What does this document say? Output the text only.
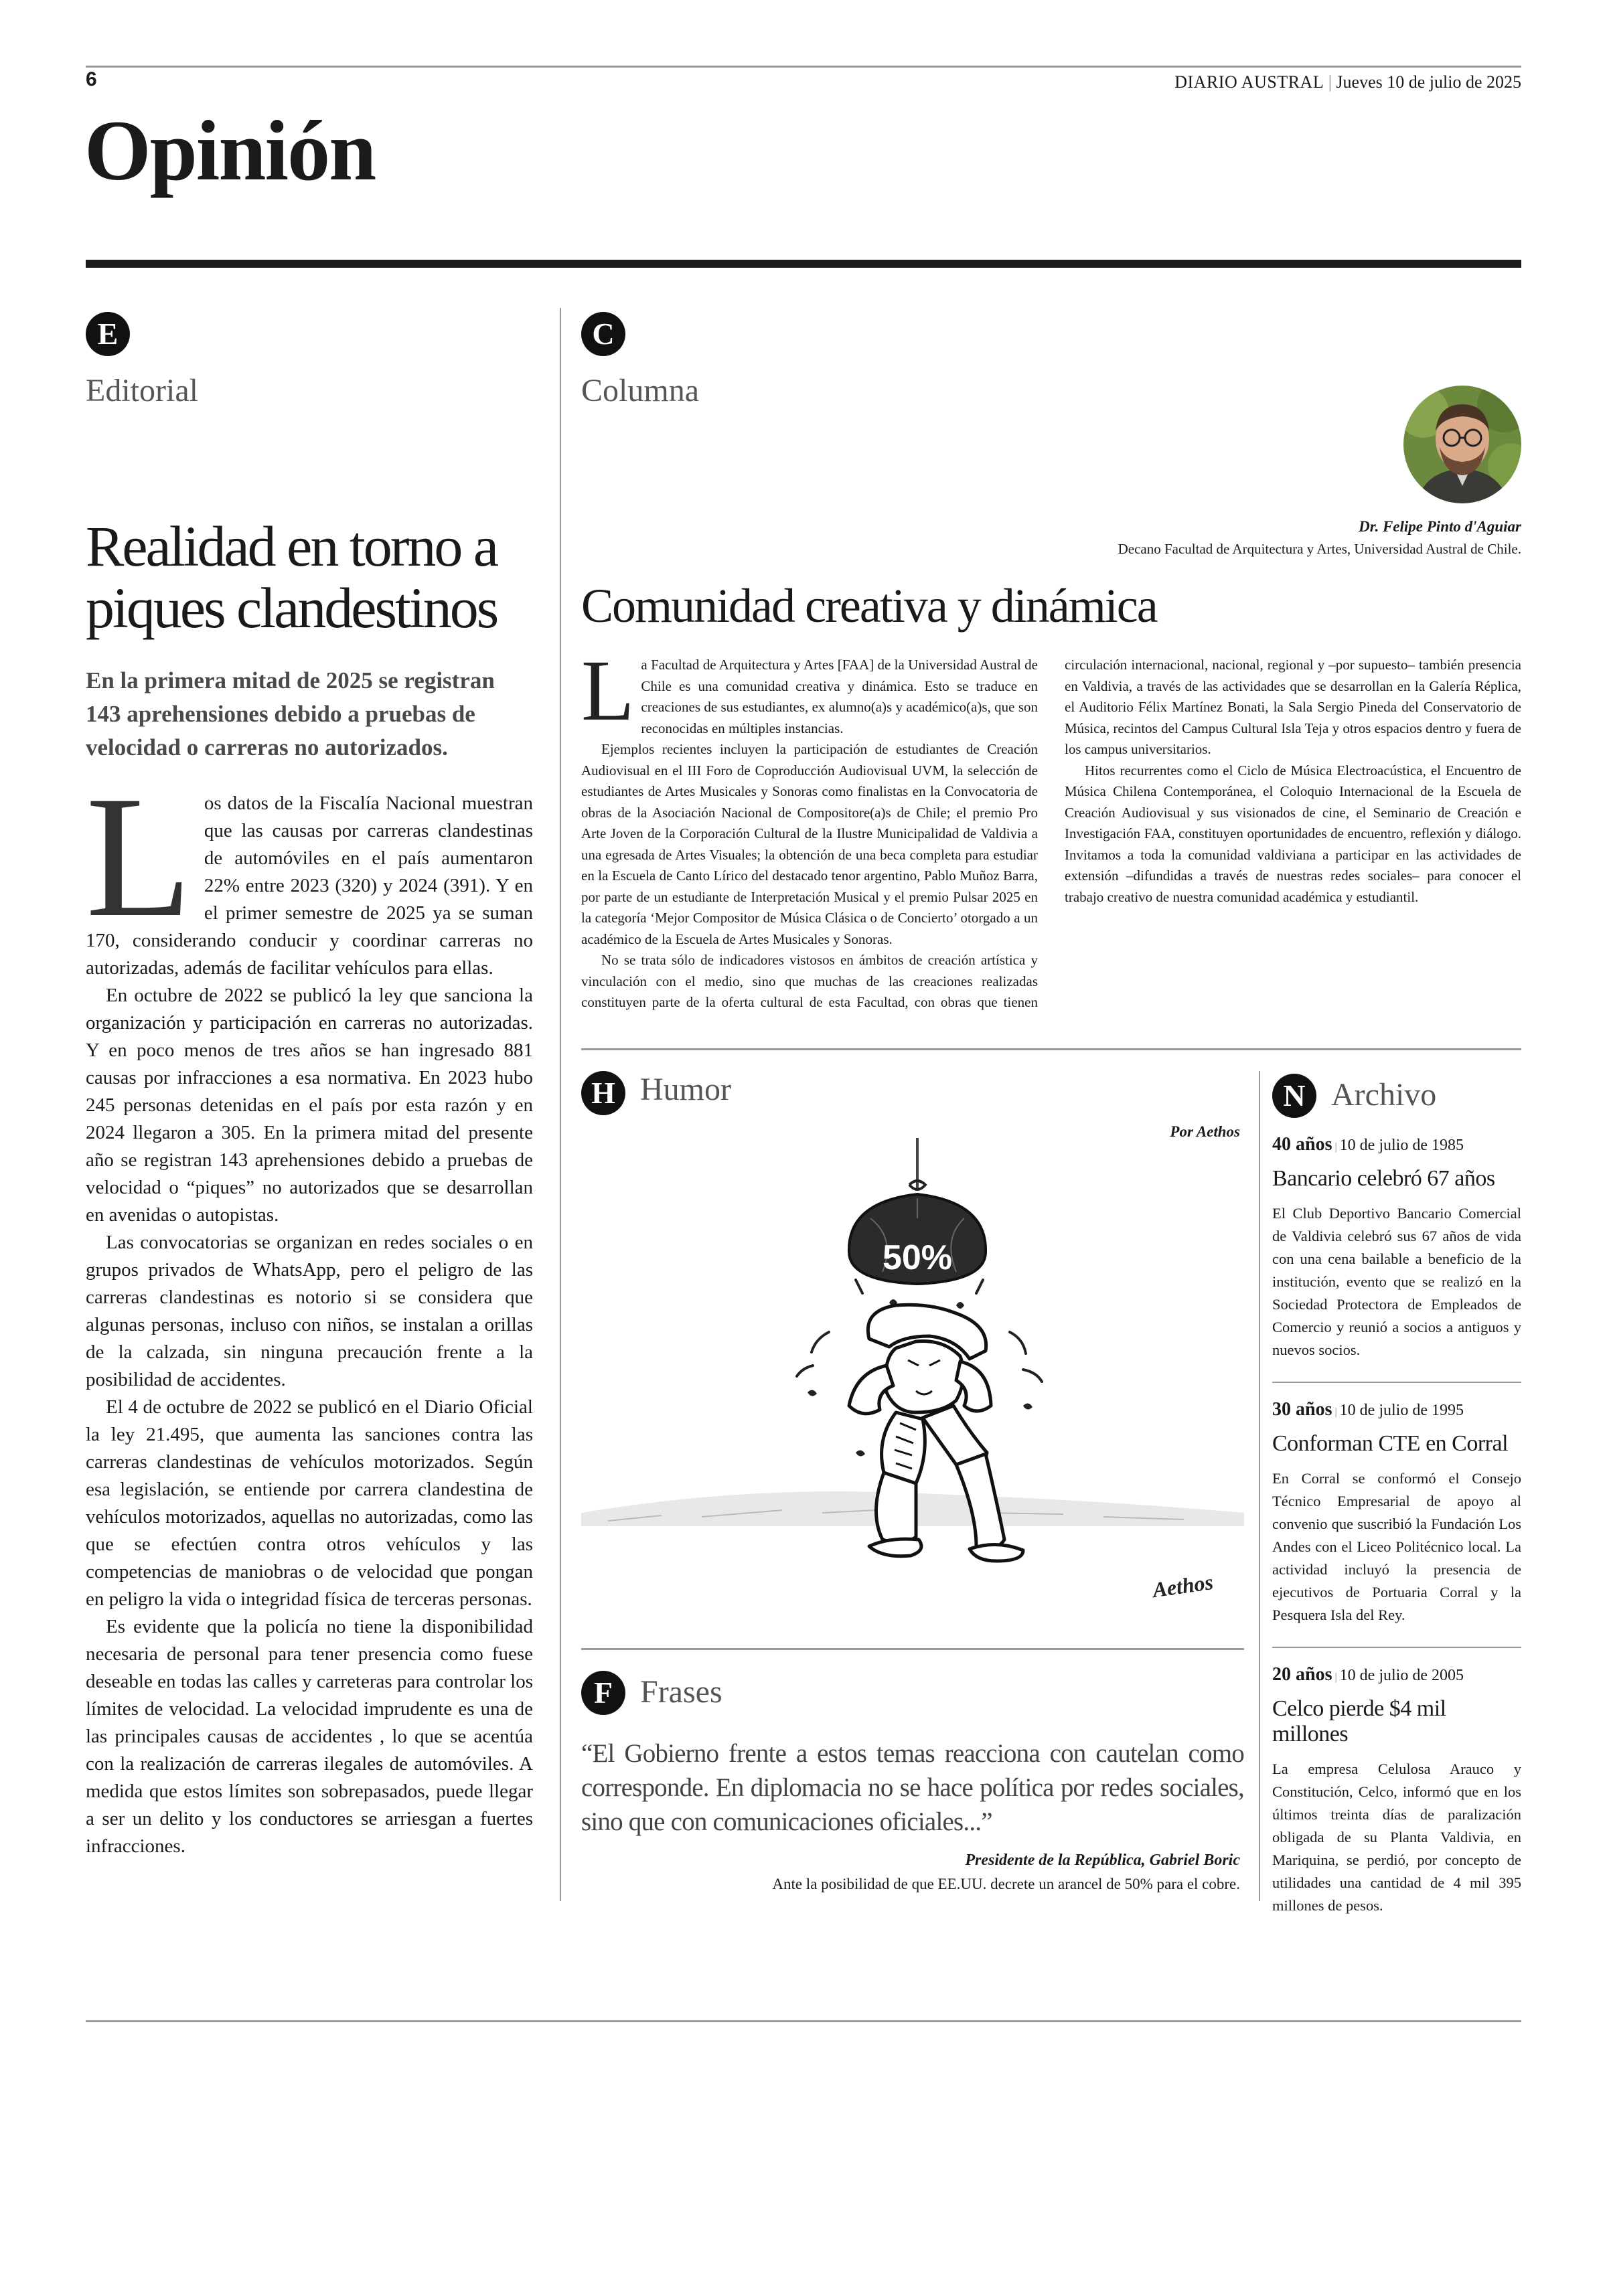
6	DIARIO AUSTRAL | Jueves 10 de julio de 2025
Opinión
E
Editorial
Realidad en torno a
piques clandestinos
En la primera mitad de 2025 se registran 143 aprehensiones debido a pruebas de velocidad o carreras no autorizados.
L os datos de la Fiscalía Nacional muestran que las causas por carreras clandestinas de automóviles en el país aumentaron 22% entre 2023 (320) y 2024 (391). Y en el primer semestre de 2025 ya se suman 170, considerando conducir y coordinar carreras no autorizadas, además de facilitar vehículos para ellas.

En octubre de 2022 se publicó la ley que sanciona la organización y participación en carreras no autorizadas. Y en poco menos de tres años se han ingresado 881 causas por infracciones a esa normativa. En 2023 hubo 245 personas detenidas en el país por esta razón y en 2024 llegaron a 305. En la primera mitad del presente año se registran 143 aprehensiones debido a pruebas de velocidad o “piques” no autorizados que se desarrollan en avenidas o autopistas.

Las convocatorias se organizan en redes sociales o en grupos privados de WhatsApp, pero el peligro de las carreras clandestinas es notorio si se considera que algunas personas, incluso con niños, se instalan a orillas de la calzada, sin ninguna precaución frente a la posibilidad de accidentes.

El 4 de octubre de 2022 se publicó en el Diario Oficial la ley 21.495, que aumenta las sanciones contra las carreras clandestinas de vehículos motorizados. Según esa legislación, se entiende por carrera clandestina de vehículos motorizados, aquellas no autorizadas, como las que se efectúen contra otros vehículos y las competencias de maniobras o de velocidad que pongan en peligro la vida o integridad física de terceras personas.

Es evidente que la policía no tiene la disponibilidad necesaria de personal para tener presencia como fuese deseable en todas las calles y carreteras para controlar los límites de velocidad. La velocidad imprudente es una de las principales causas de accidentes , lo que se acentúa con la realización de carreras ilegales de automóviles. A medida que estos límites son sobrepasados, puede llegar a ser un delito y los conductores se arriesgan a fuertes infracciones.

C
Columna
Dr. Felipe Pinto d'Aguiar
Decano Facultad de Arquitectura y Artes, Universidad Austral de Chile.
Comunidad creativa y dinámica
L a Facultad de Arquitectura y Artes [FAA] de la Universidad Austral de Chile es una comunidad creativa y dinámica. Esto se traduce en creaciones de sus estudiantes, ex alumno(a)s y académico(a)s, que son reconocidas en múltiples instancias.

Ejemplos recientes incluyen la participación de estudiantes de Creación Audiovisual en el III Foro de Coproducción Audiovisual UVM, la selección de estudiantes de Artes Musicales y Sonoras como finalistas en la Convocatoria de obras de la Asociación Nacional de Compositore(a)s de Chile; el premio Pro Arte Joven de la Corporación Cultural de la Ilustre Municipalidad de Valdivia a una egresada de Artes Visuales; la obtención de una beca completa para estudiar en la Escuela de Canto Lírico del destacado tenor argentino, Pablo Muñoz Barra, por parte de un estudiante de Interpretación Musical y el premio Pulsar 2025 en la categoría ‘Mejor Compositor de Música Clásica o de Concierto’ otorgado a un académico de la Escuela de Artes Musicales y Sonoras.

No se trata sólo de indicadores vistosos en ámbitos de creación artística y vinculación con el medio, sino que muchas de las creaciones realizadas constituyen parte de la oferta cultural de esta Facultad, con obras que tienen circulación internacional, nacional, regional y –por supuesto– también presencia en Valdivia, a través de las actividades que se desarrollan en la Galería Réplica, el Auditorio Félix Martínez Bonati, la Sala Sergio Pineda del Conservatorio de Música, recintos del Campus Cultural Isla Teja y otros espacios dentro y fuera de los campus universitarios.

Hitos recurrentes como el Ciclo de Música Electroacústica, el Encuentro de Música Chilena Contemporánea, el Coloquio Internacional de la Escuela de Creación Audiovisual y sus visionados de cine, el Seminario de Creación e Investigación FAA, constituyen oportunidades de encuentro, reflexión y diálogo. Invitamos a toda la comunidad valdiviana a participar en las actividades de extensión –difundidas a través de nuestras redes sociales– para conocer el trabajo creativo de nuestra comunidad académica y estudiantil.

H Humor
Por Aethos
50%
Aethos
F Frases
“El Gobierno frente a estos temas reacciona con cautelan como corresponde. En diplomacia no se hace política por redes sociales, sino que con comunicaciones oficiales...”
Presidente de la República, Gabriel Boric
Ante la posibilidad de que EE.UU. decrete un arancel de 50% para el cobre.
N Archivo
40 años | 10 de julio de 1985
Bancario celebró 67 años

El Club Deportivo Bancario Comercial de Valdivia celebró sus 67 años de vida con una cena bailable a beneficio de la institución, evento que se realizó en la Sociedad Protectora de Empleados de Comercio y reunió a socios a antiguos y nuevos socios.

30 años | 10 de julio de 1995
Conforman CTE en Corral

En Corral se conformó el Consejo Técnico Empresarial de apoyo al convenio que suscribió la Fundación Los Andes con el Liceo Politécnico local. La actividad incluyó la presencia de ejecutivos de Portuaria Corral y la Pesquera Isla del Rey.

20 años | 10 de julio de 2005
Celco pierde $4 mil millones

La empresa Celulosa Arauco y Constitución, Celco, informó que en los últimos treinta días de paralización obligada de su Planta Valdivia, en Mariquina, se perdió, por concepto de utilidades una cantidad de 4 mil 395 millones de pesos.
